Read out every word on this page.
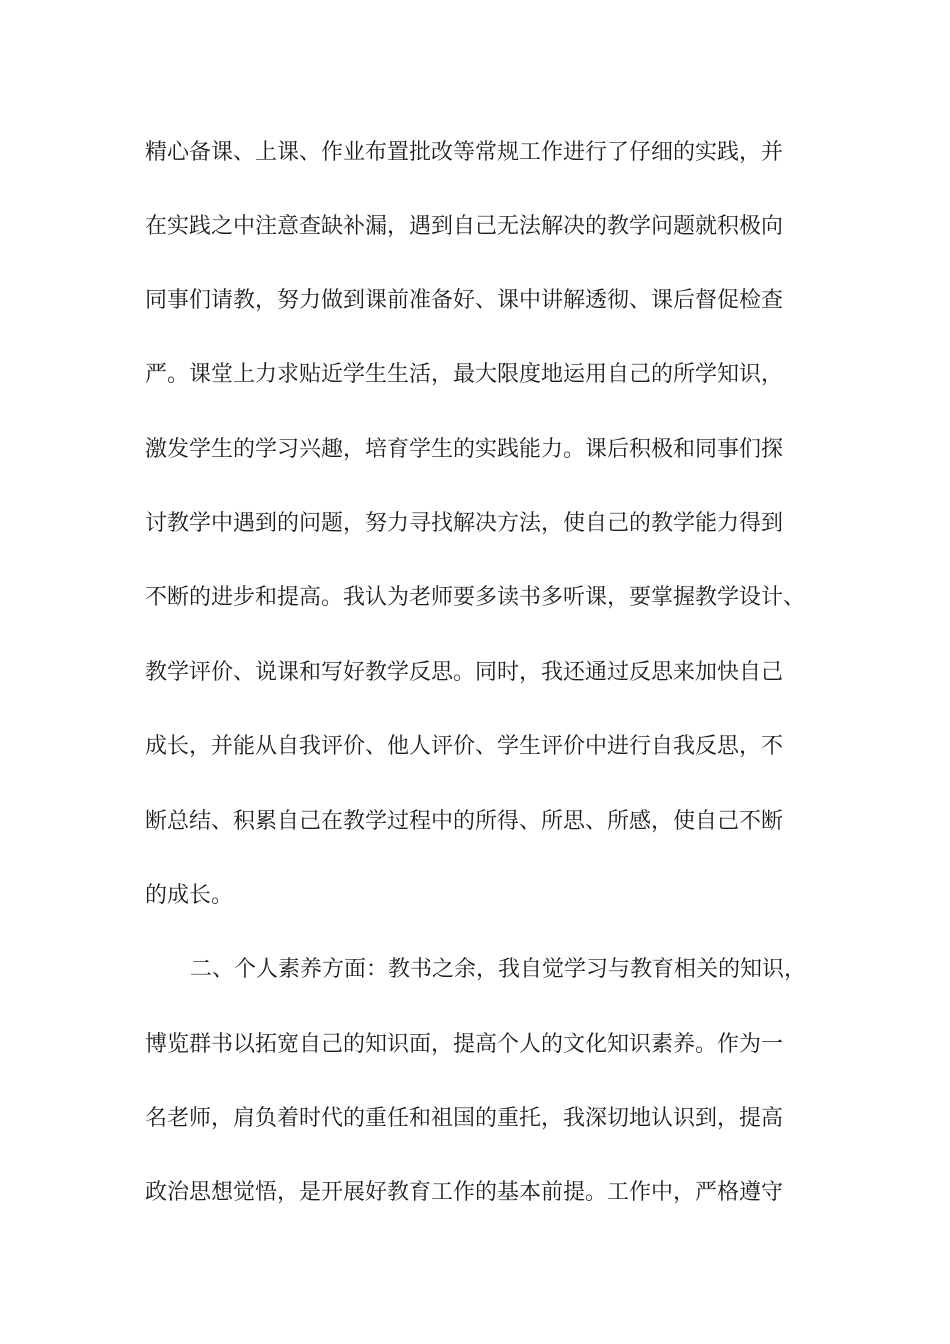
精心备课、上课、作业布置批改等常规工作进行了仔细的实践，并
在实践之中注意查缺补漏，遇到自己无法解决的教学问题就积极向
同事们请教，努力做到课前准备好、课中讲解透彻、课后督促检查
严。课堂上力求贴近学生生活，最大限度地运用自己的所学知识，
激发学生的学习兴趣，培育学生的实践能力。课后积极和同事们探
讨教学中遇到的问题，努力寻找解决方法，使自己的教学能力得到
不断的进步和提高。我认为老师要多读书多听课，要掌握教学设计、
教学评价、说课和写好教学反思。同时，我还通过反思来加快自己
成长，并能从自我评价、他人评价、学生评价中进行自我反思，不
断总结、积累自己在教学过程中的所得、所思、所感，使自己不断
的成长。
二、个人素养方面：教书之余，我自觉学习与教育相关的知识，
博览群书以拓宽自己的知识面，提高个人的文化知识素养。作为一
名老师，肩负着时代的重任和祖国的重托，我深切地认识到，提高
政治思想觉悟，是开展好教育工作的基本前提。工作中，严格遵守
